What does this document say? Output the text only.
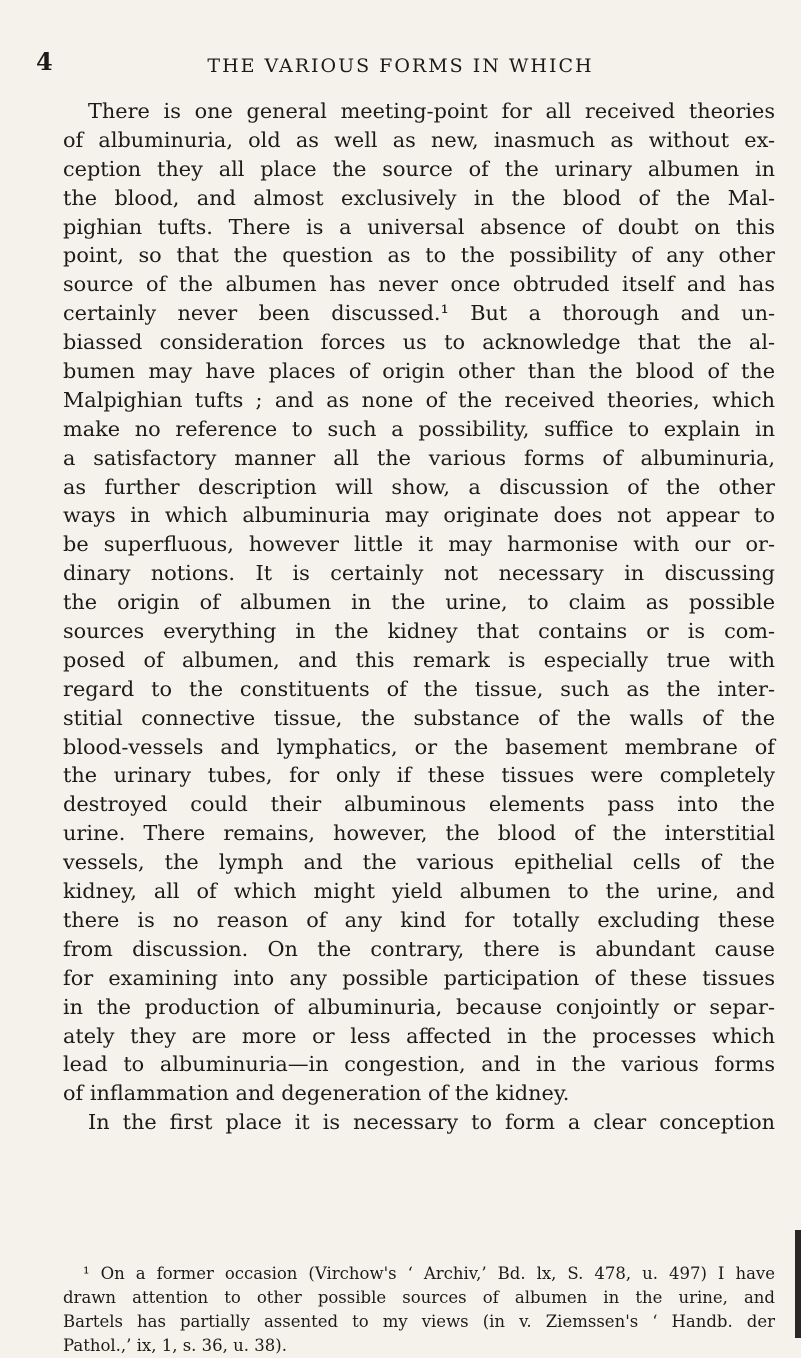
4	THE VARIOUS FORMS IN WHICH
There is one general meeting-point for all received theories
of albuminuria, old as well as new, inasmuch as without ex-
ception they all place the source of the urinary albumen in
the blood, and almost exclusively in the blood of the Mal-
pighian tufts. There is a universal absence of doubt on this
point, so that the question as to the possibility of any other
source of the albumen has never once obtruded itself and has
certainly never been discussed.¹ But a thorough and un-
biassed consideration forces us to acknowledge that the al-
bumen may have places of origin other than the blood of the
Malpighian tufts ; and as none of the received theories, which
make no reference to such a possibility, suffice to explain in
a satisfactory manner all the various forms of albuminuria,
as further description will show, a discussion of the other
ways in which albuminuria may originate does not appear to
be superfluous, however little it may harmonise with our or-
dinary notions. It is certainly not necessary in discussing
the origin of albumen in the urine, to claim as possible
sources everything in the kidney that contains or is com-
posed of albumen, and this remark is especially true with
regard to the constituents of the tissue, such as the inter-
stitial connective tissue, the substance of the walls of the
blood-vessels and lymphatics, or the basement membrane of
the urinary tubes, for only if these tissues were completely
destroyed could their albuminous elements pass into the
urine. There remains, however, the blood of the interstitial
vessels, the lymph and the various epithelial cells of the
kidney, all of which might yield albumen to the urine, and
there is no reason of any kind for totally excluding these
from discussion. On the contrary, there is abundant cause
for examining into any possible participation of these tissues
in the production of albuminuria, because conjointly or separ-
ately they are more or less affected in the processes which
lead to albuminuria—in congestion, and in the various forms
of inflammation and degeneration of the kidney.
In the first place it is necessary to form a clear conception
¹ On a former occasion (Virchow's ‘ Archiv,’ Bd. lx, S. 478, u. 497) I have
drawn attention to other possible sources of albumen in the urine, and
Bartels has partially assented to my views (in v. Ziemssen's ‘ Handb. der
Pathol.,’ ix, 1, s. 36, u. 38).
